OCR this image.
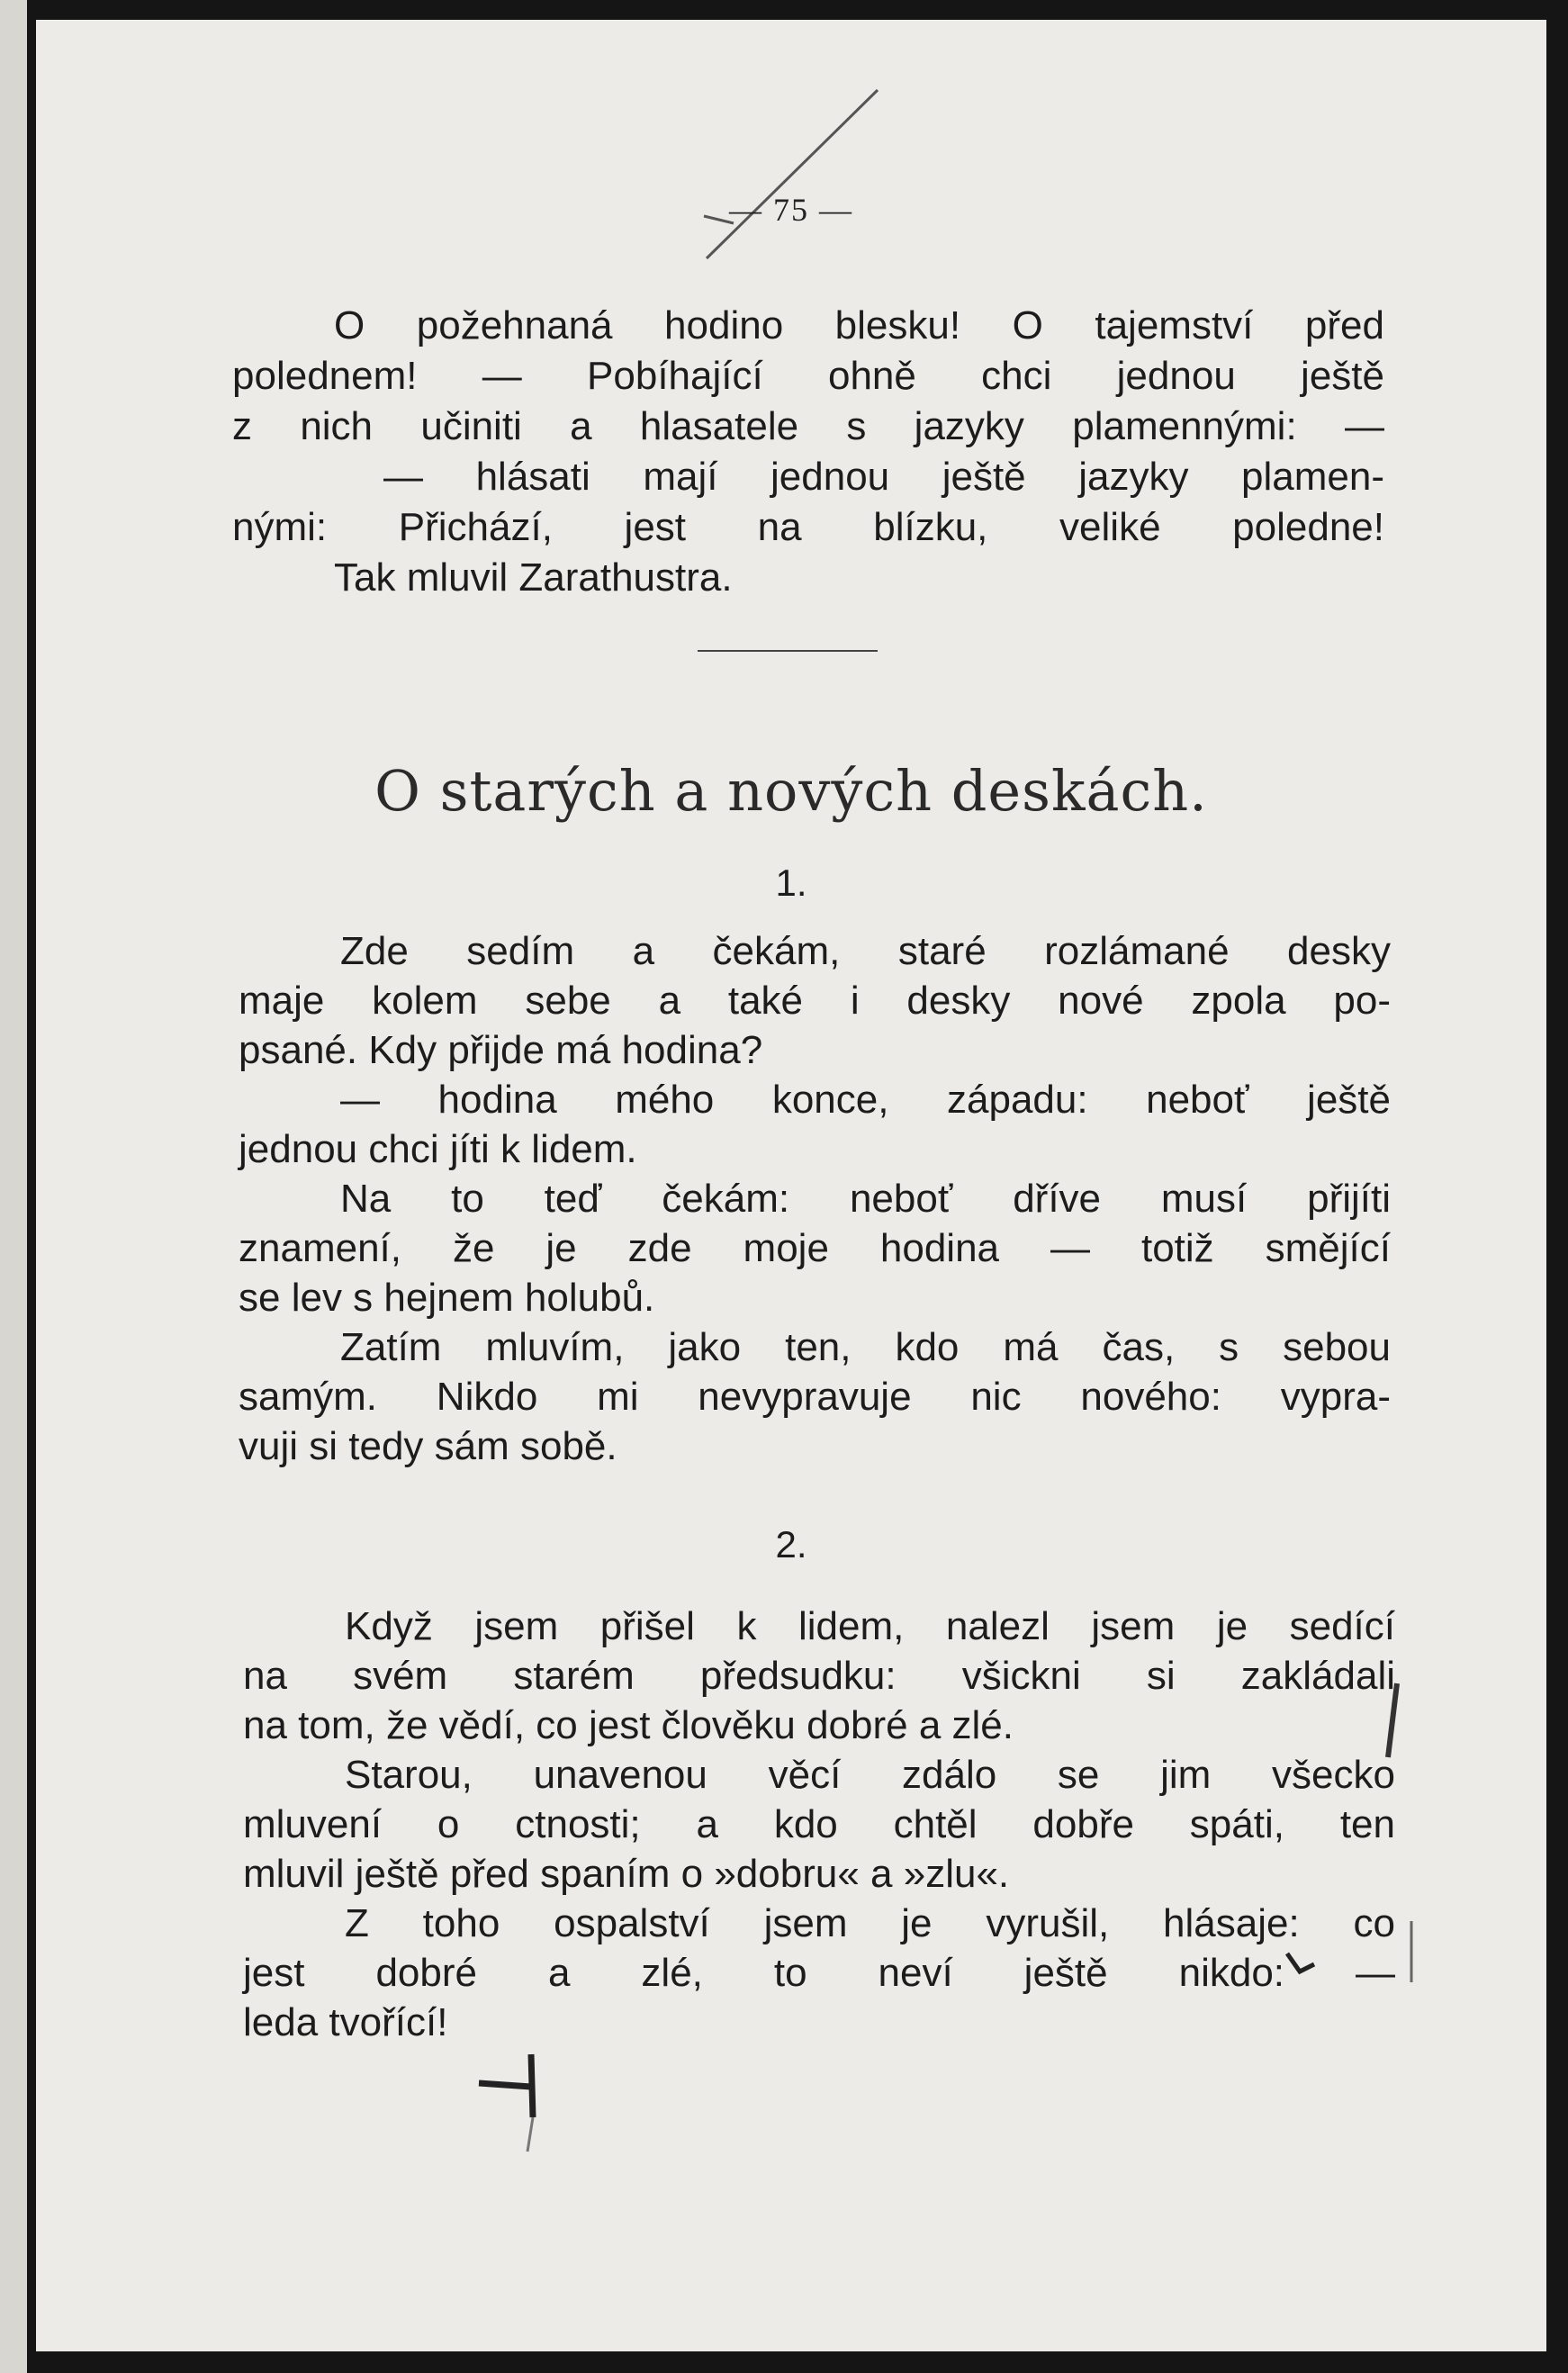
— 75 —
O požehnaná hodino blesku! O tajemství před
polednem! — Pobíhající ohně chci jednou ještě
z nich učiniti a hlasatele s jazyky plamennými: —
— hlásati mají jednou ještě jazyky plamen-
nými: Přichází, jest na blízku, veliké poledne!
Tak mluvil Zarathustra.
O starých a nových deskách.
1.
Zde sedím a čekám, staré rozlámané desky
maje kolem sebe a také i desky nové zpola po-
psané. Kdy přijde má hodina?
— hodina mého konce, západu: neboť ještě
jednou chci jíti k lidem.
Na to teď čekám: neboť dříve musí přijíti
znamení, že je zde moje hodina — totiž smějící
se lev s hejnem holubů.
Zatím mluvím, jako ten, kdo má čas, s sebou
samým. Nikdo mi nevypravuje nic nového: vypra-
vuji si tedy sám sobě.
2.
Když jsem přišel k lidem, nalezl jsem je sedící
na svém starém předsudku: všickni si zakládali
na tom, že vědí, co jest člověku dobré a zlé.
Starou, unavenou věcí zdálo se jim všecko
mluvení o ctnosti; a kdo chtěl dobře spáti, ten
mluvil ještě před spaním o »dobru« a »zlu«.
Z toho ospalství jsem je vyrušil, hlásaje: co
jest dobré a zlé, to neví ještě nikdo: —
leda tvořící!
